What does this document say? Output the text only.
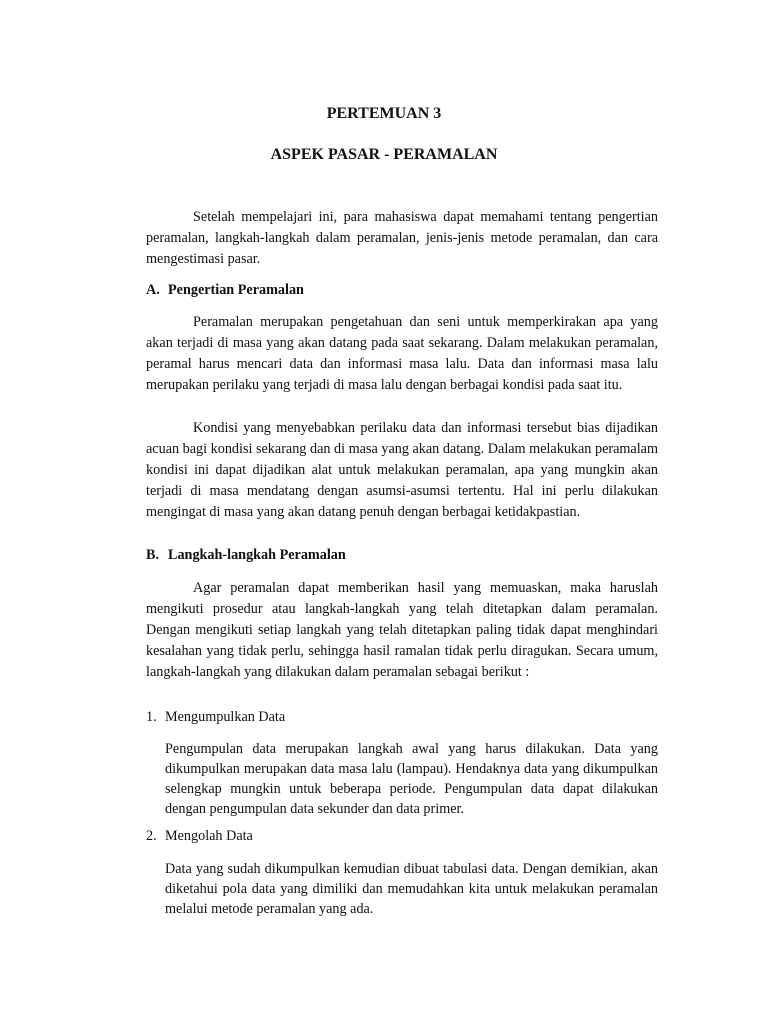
PERTEMUAN 3
ASPEK PASAR - PERAMALAN

Setelah mempelajari ini, para mahasiswa dapat memahami tentang pengertian peramalan, langkah-langkah dalam peramalan, jenis-jenis metode peramalan, dan cara mengestimasi pasar.

A. Pengertian Peramalan

Peramalan merupakan pengetahuan dan seni untuk memperkirakan apa yang akan terjadi di masa yang akan datang pada saat sekarang. Dalam melakukan peramalan, peramal harus mencari data dan informasi masa lalu. Data dan informasi masa lalu merupakan perilaku yang terjadi di masa lalu dengan berbagai kondisi pada saat itu.

Kondisi yang menyebabkan perilaku data dan informasi tersebut bias dijadikan acuan bagi kondisi sekarang dan di masa yang akan datang. Dalam melakukan peramalam kondisi ini dapat dijadikan alat untuk melakukan peramalan, apa yang mungkin akan terjadi di masa mendatang dengan asumsi-asumsi tertentu. Hal ini perlu dilakukan mengingat di masa yang akan datang penuh dengan berbagai ketidakpastian.

B. Langkah-langkah Peramalan

Agar peramalan dapat memberikan hasil yang memuaskan, maka haruslah mengikuti prosedur atau langkah-langkah yang telah ditetapkan dalam peramalan. Dengan mengikuti setiap langkah yang telah ditetapkan paling tidak dapat menghindari kesalahan yang tidak perlu, sehingga hasil ramalan tidak perlu diragukan. Secara umum, langkah-langkah yang dilakukan dalam peramalan sebagai berikut :

1. Mengumpulkan Data

Pengumpulan data merupakan langkah awal yang harus dilakukan. Data yang dikumpulkan merupakan data masa lalu (lampau). Hendaknya data yang dikumpulkan selengkap mungkin untuk beberapa periode. Pengumpulan data dapat dilakukan dengan pengumpulan data sekunder dan data primer.

2. Mengolah Data

Data yang sudah dikumpulkan kemudian dibuat tabulasi data. Dengan demikian, akan diketahui pola data yang dimiliki dan memudahkan kita untuk melakukan peramalan melalui metode peramalan yang ada.
